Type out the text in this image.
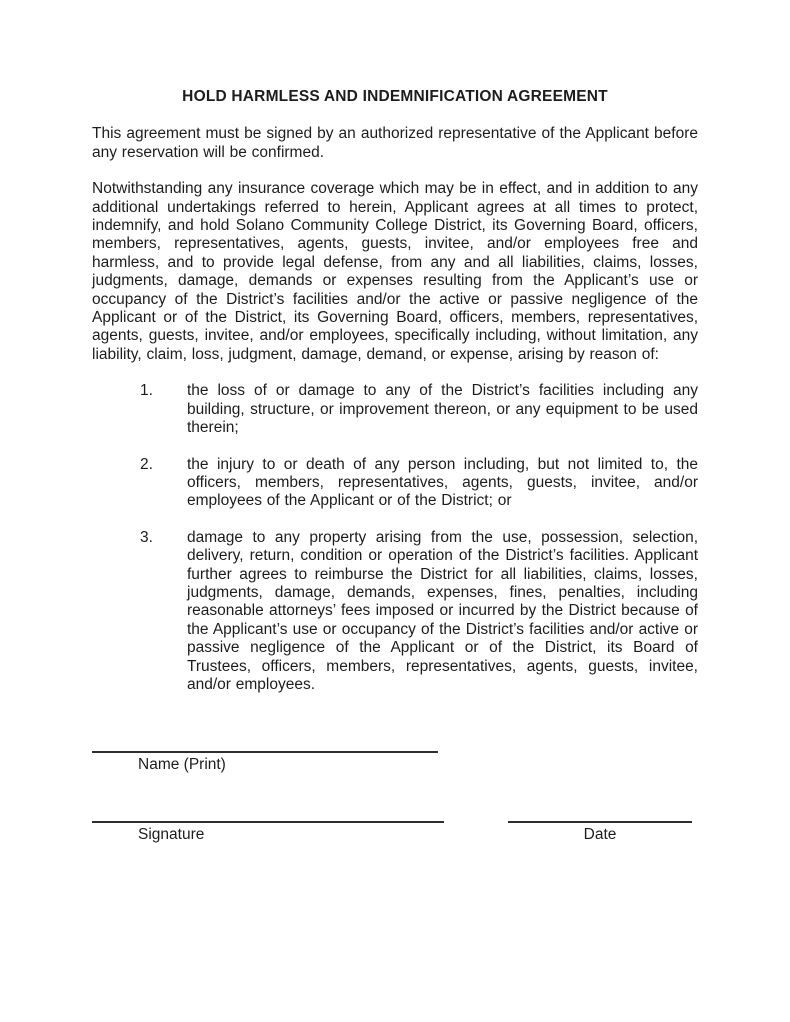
HOLD HARMLESS AND INDEMNIFICATION AGREEMENT

This agreement must be signed by an authorized representative of the Applicant before any reservation will be confirmed.

Notwithstanding any insurance coverage which may be in effect, and in addition to any additional undertakings referred to herein, Applicant agrees at all times to protect, indemnify, and hold Solano Community College District, its Governing Board, officers, members, representatives, agents, guests, invitee, and/or employees free and harmless, and to provide legal defense, from any and all liabilities, claims, losses, judgments, damage, demands or expenses resulting from the Applicant’s use or occupancy of the District’s facilities and/or the active or passive negligence of the Applicant or of the District, its Governing Board, officers, members, representatives, agents, guests, invitee, and/or employees, specifically including, without limitation, any liability, claim, loss, judgment, damage, demand, or expense, arising by reason of:

1.	the loss of or damage to any of the District’s facilities including any building, structure, or improvement thereon, or any equipment to be used therein;
2.	the injury to or death of any person including, but not limited to, the officers, members, representatives, agents, guests, invitee, and/or employees of the Applicant or of the District; or
3.	damage to any property arising from the use, possession, selection, delivery, return, condition or operation of the District’s facilities. Applicant further agrees to reimburse the District for all liabilities, claims, losses, judgments, damage, demands, expenses, fines, penalties, including reasonable attorneys’ fees imposed or incurred by the District because of the Applicant’s use or occupancy of the District’s facilities and/or active or passive negligence of the Applicant or of the District, its Board of Trustees, officers, members, representatives, agents, guests, invitee, and/or employees.
Name (Print)
Signature	Date
